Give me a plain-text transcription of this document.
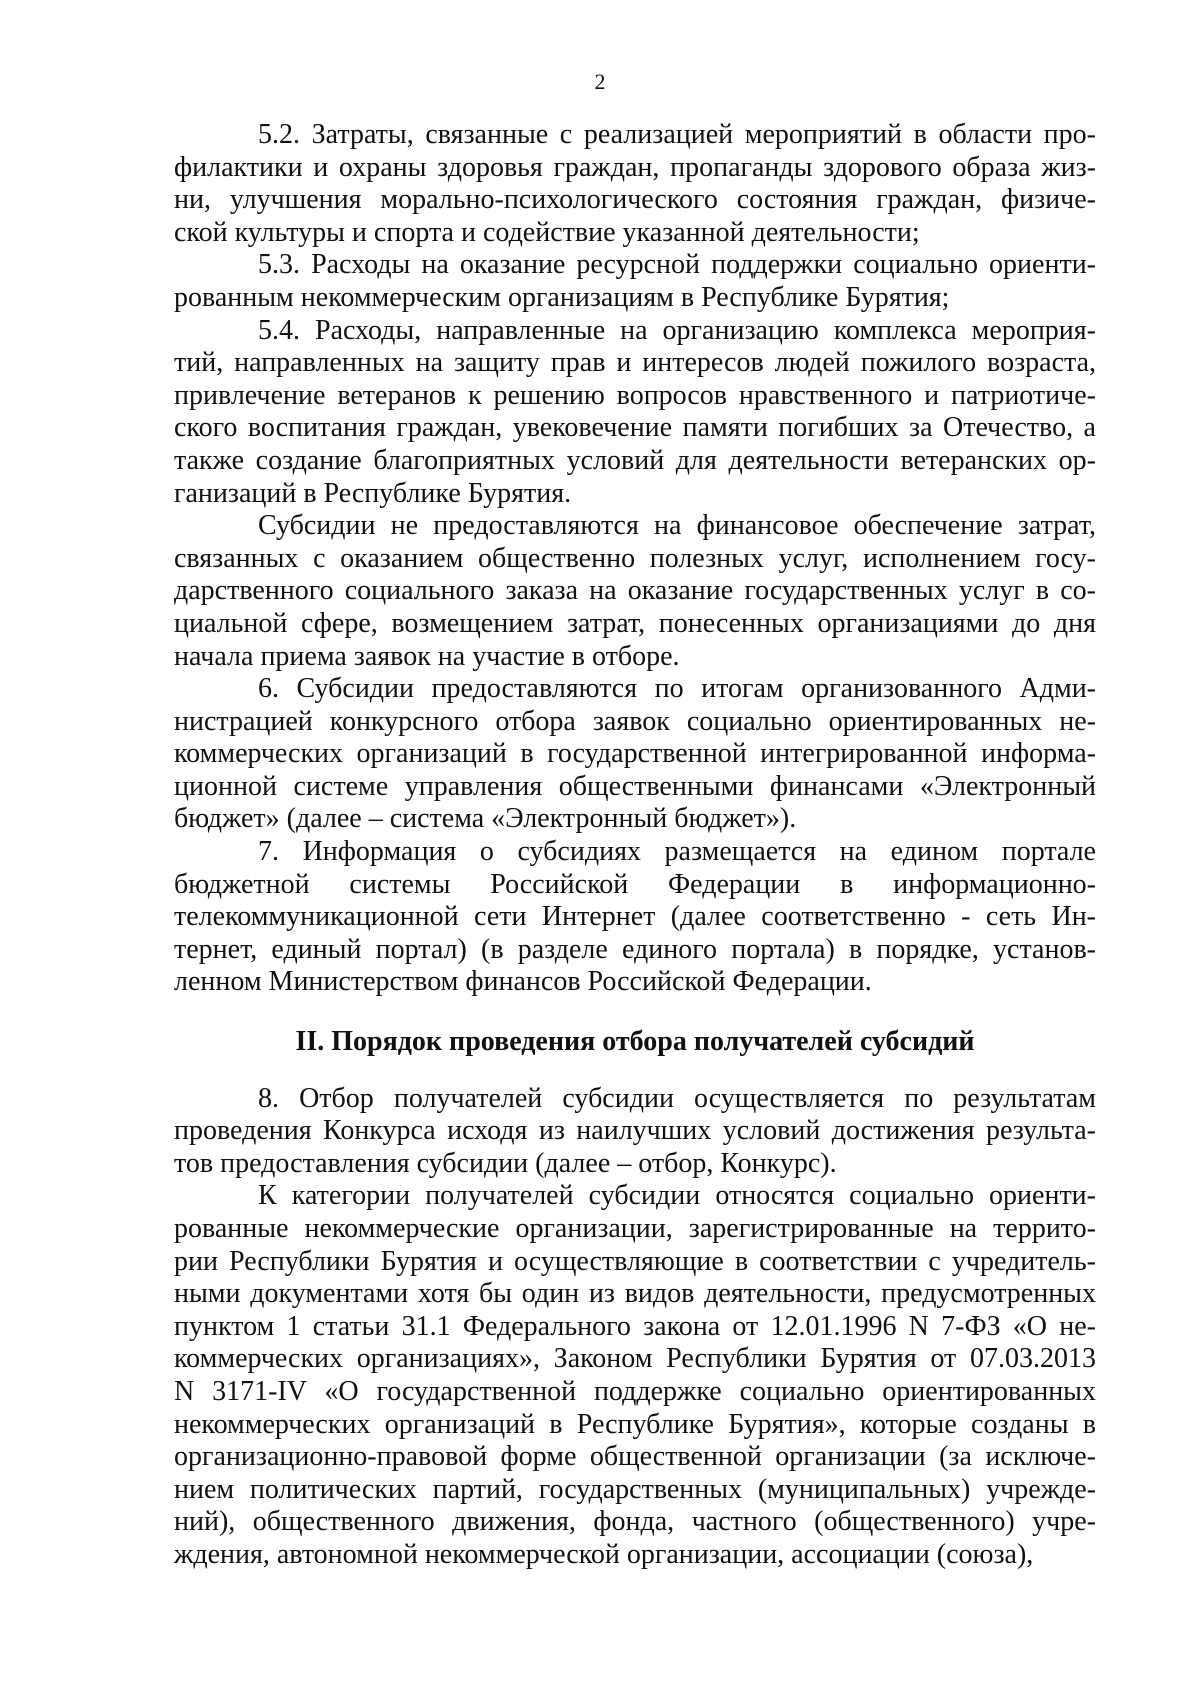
2
5.2. Затраты, связанные с реализацией мероприятий в области про-
филактики и охраны здоровья граждан, пропаганды здорового образа жиз-
ни, улучшения морально-психологического состояния граждан, физиче-
ской культуры и спорта и содействие указанной деятельности;
5.3. Расходы на оказание ресурсной поддержки социально ориенти-
рованным некоммерческим организациям в Республике Бурятия;
5.4. Расходы, направленные на организацию комплекса мероприя-
тий, направленных на защиту прав и интересов людей пожилого возраста,
привлечение ветеранов к решению вопросов нравственного и патриотиче-
ского воспитания граждан, увековечение памяти погибших за Отечество, а
также создание благоприятных условий для деятельности ветеранских ор-
ганизаций в Республике Бурятия.
Субсидии не предоставляются на финансовое обеспечение затрат,
связанных с оказанием общественно полезных услуг, исполнением госу-
дарственного социального заказа на оказание государственных услуг в со-
циальной сфере, возмещением затрат, понесенных организациями до дня
начала приема заявок на участие в отборе.
6. Субсидии предоставляются по итогам организованного Адми-
нистрацией конкурсного отбора заявок социально ориентированных не-
коммерческих организаций в государственной интегрированной информа-
ционной системе управления общественными финансами «Электронный
бюджет» (далее – система «Электронный бюджет»).
7. Информация о субсидиях размещается на едином портале
бюджетной системы Российской Федерации в информационно-
телекоммуникационной сети Интернет (далее соответственно - сеть Ин-
тернет, единый портал) (в разделе единого портала) в порядке, установ-
ленном Министерством финансов Российской Федерации.
II. Порядок проведения отбора получателей субсидий
8. Отбор получателей субсидии осуществляется по результатам
проведения Конкурса исходя из наилучших условий достижения результа-
тов предоставления субсидии (далее – отбор, Конкурс).
К категории получателей субсидии относятся социально ориенти-
рованные некоммерческие организации, зарегистрированные на террито-
рии Республики Бурятия и осуществляющие в соответствии с учредитель-
ными документами хотя бы один из видов деятельности, предусмотренных
пунктом 1 статьи 31.1 Федерального закона от 12.01.1996 N 7-ФЗ «О не-
коммерческих организациях», Законом Республики Бурятия от 07.03.2013
N 3171-IV «О государственной поддержке социально ориентированных
некоммерческих организаций в Республике Бурятия», которые созданы в
организационно-правовой форме общественной организации (за исключе-
нием политических партий, государственных (муниципальных) учрежде-
ний), общественного движения, фонда, частного (общественного) учре-
ждения, автономной некоммерческой организации, ассоциации (союза),
